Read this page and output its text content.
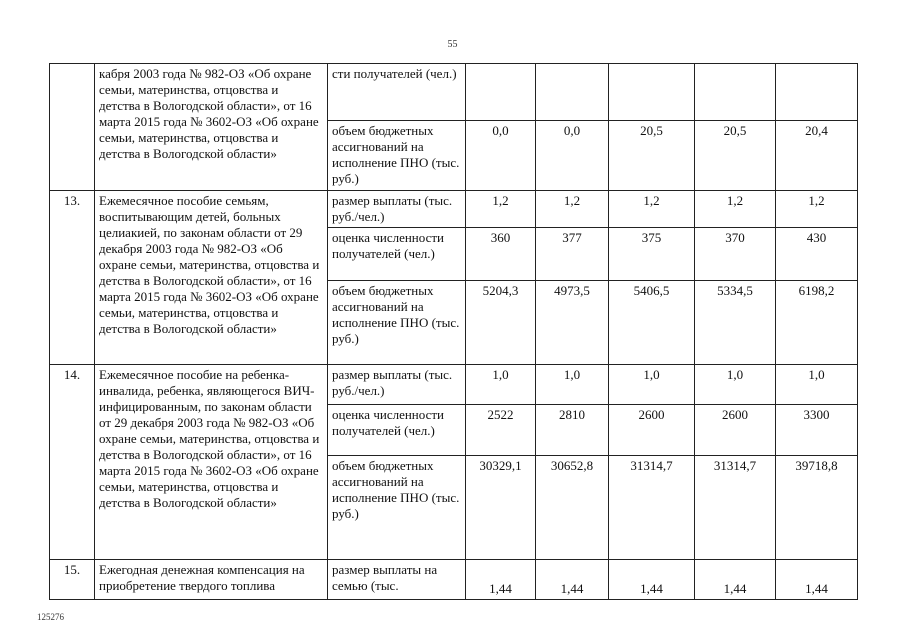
55
	кабря 2003 года № 982-ОЗ «Об охране семьи, материнства, отцовства и детства в Вологодской области», от 16 марта 2015 года № 3602-ОЗ «Об охране семьи, материнства, отцовства и детства в Вологодской области»	сти получателей (чел.)					
		объем бюджетных ассигнований на исполнение ПНО (тыс. руб.)	0,0	0,0	20,5	20,5	20,4
13.	Ежемесячное пособие семьям, воспитывающим детей, больных целиакией, по законам области от 29 декабря 2003 года № 982-ОЗ «Об охране семьи, материнства, отцовства и детства в Вологодской области», от 16 марта 2015 года № 3602-ОЗ «Об охране семьи, материнства, отцовства и детства в Вологодской области»	размер выплаты (тыс. руб./чел.)	1,2	1,2	1,2	1,2	1,2
		оценка численности получателей (чел.)	360	377	375	370	430
		объем бюджетных ассигнований на исполнение ПНО (тыс. руб.)	5204,3	4973,5	5406,5	5334,5	6198,2
14.	Ежемесячное пособие на ребенка-инвалида, ребенка, являющегося ВИЧ-инфицированным, по законам области от 29 декабря 2003 года № 982-ОЗ «Об охране семьи, материнства, отцовства и детства в Вологодской области», от 16 марта 2015 года № 3602-ОЗ «Об охране семьи, материнства, отцовства и детства в Вологодской области»	размер выплаты (тыс. руб./чел.)	1,0	1,0	1,0	1,0	1,0
		оценка численности получателей (чел.)	2522	2810	2600	2600	3300
		объем бюджетных ассигнований на исполнение ПНО (тыс. руб.)	30329,1	30652,8	31314,7	31314,7	39718,8
15.	Ежегодная денежная компенсация на приобретение твердого топлива	размер выплаты на семью (тыс.	1,44	1,44	1,44	1,44	1,44
125276
